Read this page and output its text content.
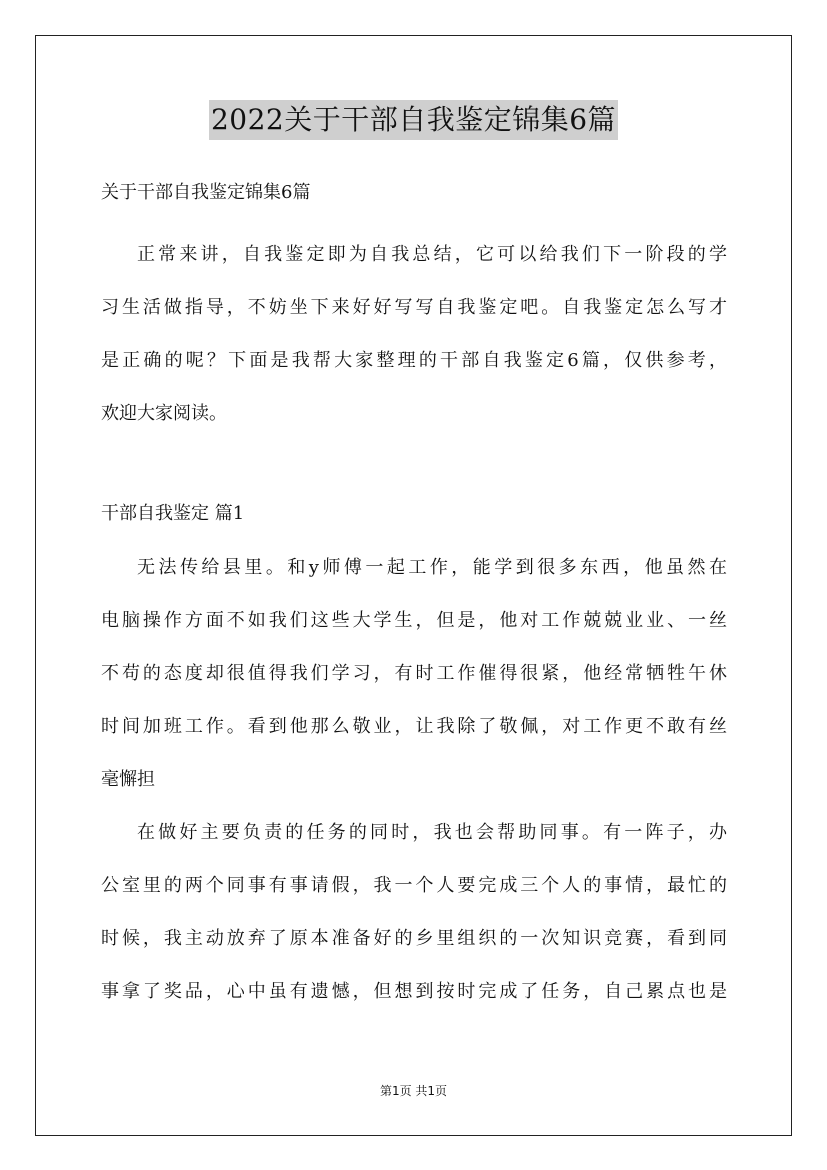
2022关于干部自我鉴定锦集6篇
关于干部自我鉴定锦集6篇
正常来讲，自我鉴定即为自我总结，它可以给我们下一阶段的学
习生活做指导，不妨坐下来好好写写自我鉴定吧。自我鉴定怎么写才
是正确的呢？下面是我帮大家整理的干部自我鉴定6篇，仅供参考，
欢迎大家阅读。
干部自我鉴定 篇1
无法传给县里。和y师傅一起工作，能学到很多东西，他虽然在
电脑操作方面不如我们这些大学生，但是，他对工作兢兢业业、一丝
不苟的态度却很值得我们学习，有时工作催得很紧，他经常牺牲午休
时间加班工作。看到他那么敬业，让我除了敬佩，对工作更不敢有丝
毫懈担
在做好主要负责的任务的同时，我也会帮助同事。有一阵子，办
公室里的两个同事有事请假，我一个人要完成三个人的事情，最忙的
时候，我主动放弃了原本准备好的乡里组织的一次知识竞赛，看到同
事拿了奖品，心中虽有遗憾，但想到按时完成了任务，自己累点也是
第1页 共1页
